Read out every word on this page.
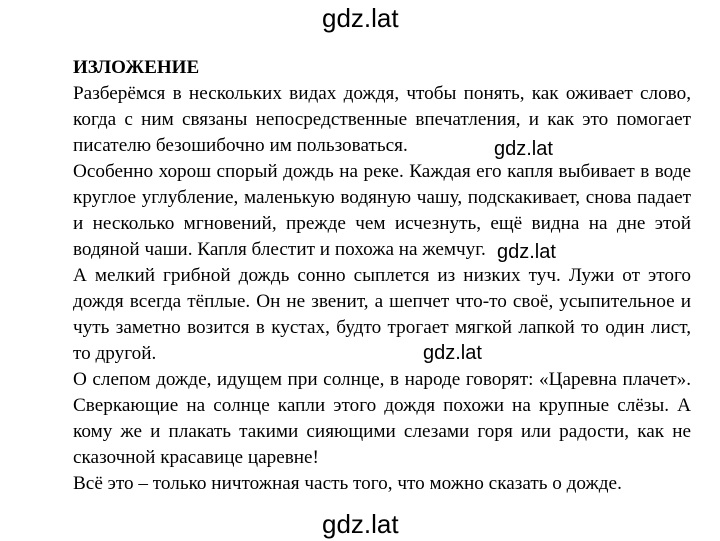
gdz.lat
ИЗЛОЖЕНИЕ

Разберёмся в нескольких видах дождя, чтобы понять, как оживает слово, когда с ним связаны непосредственные впечатления, и как это помогает писателю безошибочно им пользоваться.

Особенно хорош спорый дождь на реке. Каждая его капля выбивает в воде круглое углубление, маленькую водяную чашу, подскакивает, снова падает и несколько мгновений, прежде чем исчезнуть, ещё видна на дне этой водяной чаши. Капля блестит и похожа на жемчуг.

А мелкий грибной дождь сонно сыплется из низких туч. Лужи от этого дождя всегда тёплые. Он не звенит, а шепчет что-то своё, усыпительное и чуть заметно возится в кустах, будто трогает мягкой лапкой то один лист, то другой.

О слепом дожде, идущем при солнце, в народе говорят: «Царевна плачет». Сверкающие на солнце капли этого дождя похожи на крупные слёзы. А кому же и плакать такими сияющими слезами горя или радости, как не сказочной красавице царевне!

Всё это – только ничтожная часть того, что можно сказать о дожде.

gdz.lat
gdz.lat
gdz.lat
gdz.lat
